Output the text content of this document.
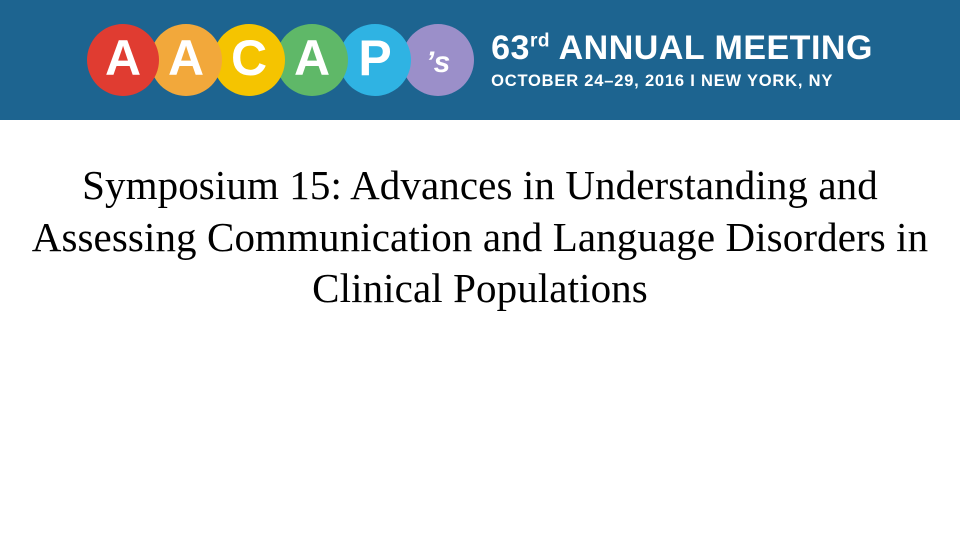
A A C A P ’s 63rd ANNUAL MEETING
OCTOBER 24–29, 2016 I NEW YORK, NY
Symposium 15: Advances in Understanding and Assessing Communication and Language Disorders in Clinical Populations
